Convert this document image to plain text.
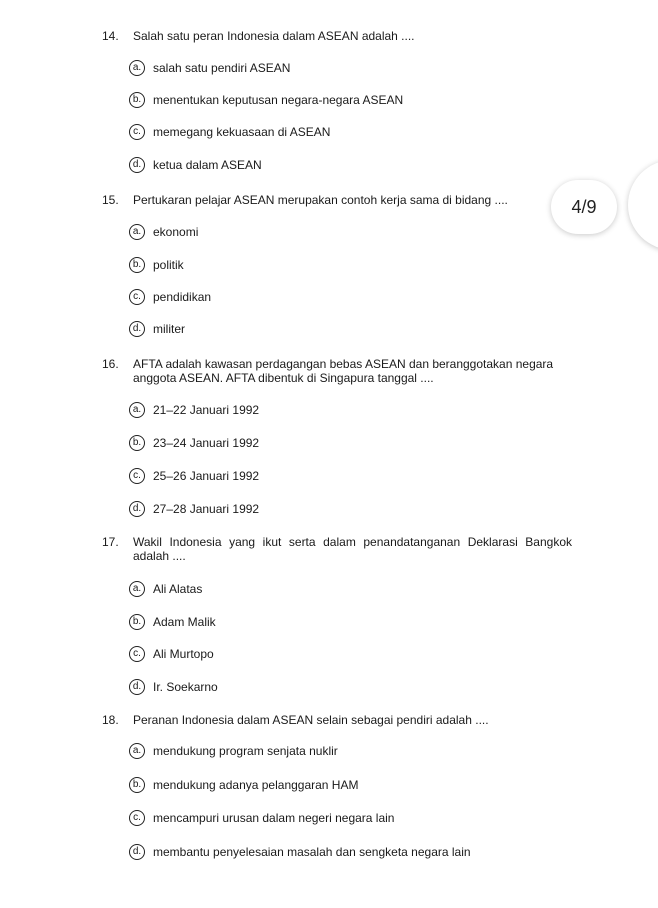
14.	Salah satu peran Indonesia dalam ASEAN adalah ....
a. salah satu pendiri ASEAN
b. menentukan keputusan negara-negara ASEAN
c.	memegang kekuasaan di ASEAN
d. ketua dalam ASEAN
15.	Pertukaran pelajar ASEAN merupakan contoh kerja sama di bidang ....
a. ekonomi
b. politik
c.	pendidikan
d. militer
16.	AFTA adalah kawasan perdagangan bebas ASEAN dan beranggotakan negara
anggota ASEAN. AFTA dibentuk di Singapura tanggal ....
a. 21–22 Januari 1992
b. 23–24 Januari 1992
c.	25–26 Januari 1992
d. 27–28 Januari 1992
17.	Wakil Indonesia yang ikut serta dalam penandatanganan Deklarasi Bangkok
adalah ....
a. Ali Alatas
b. Adam Malik
c.	Ali Murtopo
d. Ir. Soekarno
18.	Peranan Indonesia dalam ASEAN selain sebagai pendiri adalah ....
a. mendukung program senjata nuklir
b. mendukung adanya pelanggaran HAM
c.	mencampuri urusan dalam negeri negara lain
d. membantu penyelesaian masalah dan sengketa negara lain
4/9
